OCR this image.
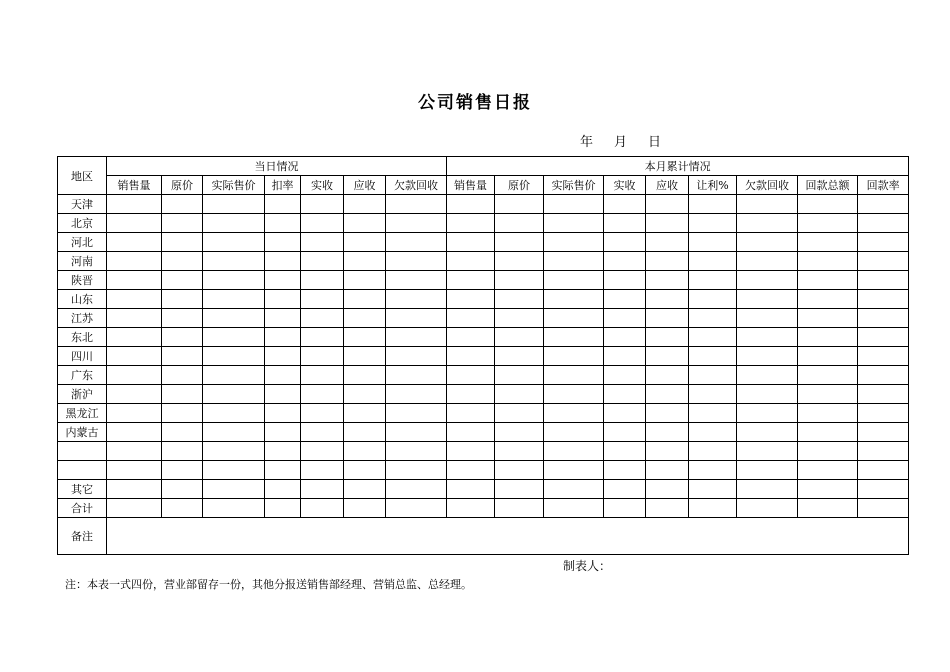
公司销售日报
年 月 日
地区	当日情况							本月累计情况								
	销售量	原价	实际售价	扣率	实收	应收	欠款回收	销售量	原价	实际售价	实收	应收	让利%	欠款回收	回款总额	回款率
天津																
北京																
河北																
河南																
陕晋																
山东																
江苏																
东北																
四川																
广东																
浙沪																
黑龙江																
内蒙古																

其它																
合计																
备注																
制表人：
注：本表一式四份，营业部留存一份，其他分报送销售部经理、营销总监、总经理。
